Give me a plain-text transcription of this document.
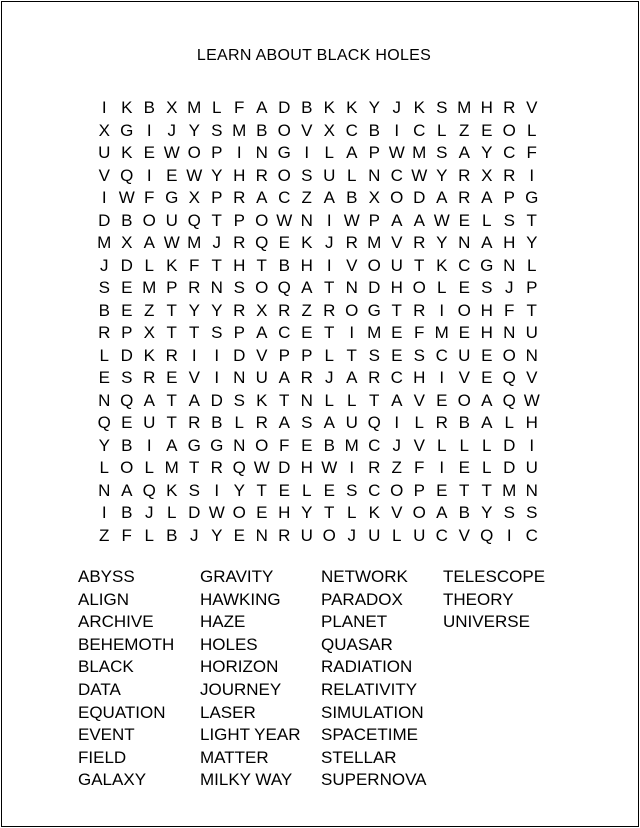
LEARN ABOUT BLACK HOLES
I K B X M L F A D B K K Y J K S M H R V
X G I J Y S M B O V X C B I C L Z E O L
U K E W O P I N G I L A P W M S A Y C F
V Q I E W Y H R O S U L N C W Y R X R I
I W F G X P R A C Z A B X O D A R A P G
D B O U Q T P O W N I W P A A W E L S T
M X A W M J R Q E K J R M V R Y N A H Y
J D L K F T H T B H I V O U T K C G N L
S E M P R N S O Q A T N D H O L E S J P
B E Z T Y Y R X R Z R O G T R I O H F T
R P X T T S P A C E T I M E F M E H N U
L D K R I	I D V P P L T S E S C U E O N
E S R E V I N U A R J A R C H I V E Q V
N Q A T A D S K T N L L T A V E O A Q W
Q E U T R B L R A S A U Q I L R B A L H
Y B I A G G N O F E B M C J V L L L D I
L O L M T R Q W D H W I R Z F I E L D U
N A Q K S I Y T E L E S C O P E T T M N
I B J L D W O E H Y T L K V O A B Y S S
Z F L B J Y E N R U O J U L U C V Q I C
ABYSS
ALIGN
ARCHIVE
BEHEMOTH
BLACK
DATA
EQUATION
EVENT
FIELD
GALAXY
GRAVITY
HAWKING
HAZE
HOLES
HORIZON
JOURNEY
LASER
LIGHT YEAR
MATTER
MILKY WAY
NETWORK
PARADOX
PLANET
QUASAR
RADIATION
RELATIVITY
SIMULATION
SPACETIME
STELLAR
SUPERNOVA
TELESCOPE
THEORY
UNIVERSE
